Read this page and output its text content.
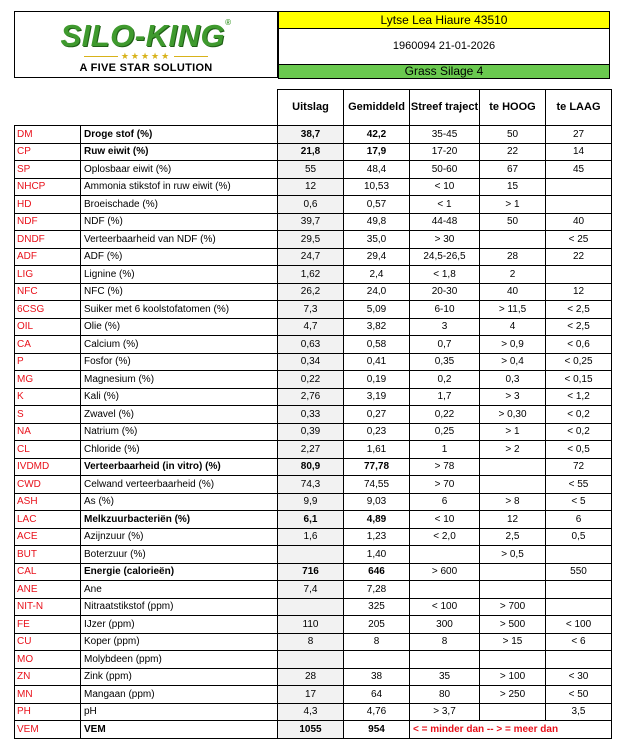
SILO-KING®
★★★★★
A FIVE STAR SOLUTION
Lytse Lea Hiaure 43510
1960094 21-01-2026
Grass Silage 4
		Uitslag	Gemiddeld	Streef traject	te HOOG	te LAAG
DM	Droge stof (%)	38,7	42,2	35-45	50	27
CP	Ruw eiwit (%)	21,8	17,9	17-20	22	14
SP	Oplosbaar eiwit (%)	55	48,4	50-60	67	45
NHCP	Ammonia stikstof in ruw eiwit (%)	12	10,53	< 10	15	
HD	Broeischade (%)	0,6	0,57	< 1	> 1	
NDF	NDF (%)	39,7	49,8	44-48	50	40
DNDF	Verteerbaarheid van NDF (%)	29,5	35,0	> 30		< 25
ADF	ADF (%)	24,7	29,4	24,5-26,5	28	22
LIG	Lignine (%)	1,62	2,4	< 1,8	2	
NFC	NFC (%)	26,2	24,0	20-30	40	12
6CSG	Suiker met 6 koolstofatomen (%)	7,3	5,09	6-10	> 11,5	< 2,5
OIL	Olie (%)	4,7	3,82	3	4	< 2,5
CA	Calcium (%)	0,63	0,58	0,7	> 0,9	< 0,6
P	Fosfor (%)	0,34	0,41	0,35	> 0,4	< 0,25
MG	Magnesium (%)	0,22	0,19	0,2	0,3	< 0,15
K	Kali (%)	2,76	3,19	1,7	> 3	< 1,2
S	Zwavel (%)	0,33	0,27	0,22	> 0,30	< 0,2
NA	Natrium (%)	0,39	0,23	0,25	> 1	< 0,2
CL	Chloride (%)	2,27	1,61	1	> 2	< 0,5
IVDMD	Verteerbaarheid (in vitro) (%)	80,9	77,78	> 78		72
CWD	Celwand verteerbaarheid (%)	74,3	74,55	> 70		< 55
ASH	As (%)	9,9	9,03	6	> 8	< 5
LAC	Melkzuurbacteriën (%)	6,1	4,89	< 10	12	6
ACE	Azijnzuur (%)	1,6	1,23	< 2,0	2,5	0,5
BUT	Boterzuur (%)		1,40		> 0,5	
CAL	Energie (calorieën)	716	646	> 600		550
ANE	Ane	7,4	7,28			
NIT-N	Nitraatstikstof (ppm)		325	< 100	> 700	
FE	IJzer (ppm)	110	205	300	> 500	< 100
CU	Koper (ppm)	8	8	8	> 15	< 6
MO	Molybdeen (ppm)					
ZN	Zink (ppm)	28	38	35	> 100	< 30
MN	Mangaan (ppm)	17	64	80	> 250	< 50
PH	pH	4,3	4,76	> 3,7		3,5
VEM	VEM	1055	954	< = minder dan -- > = meer dan		
